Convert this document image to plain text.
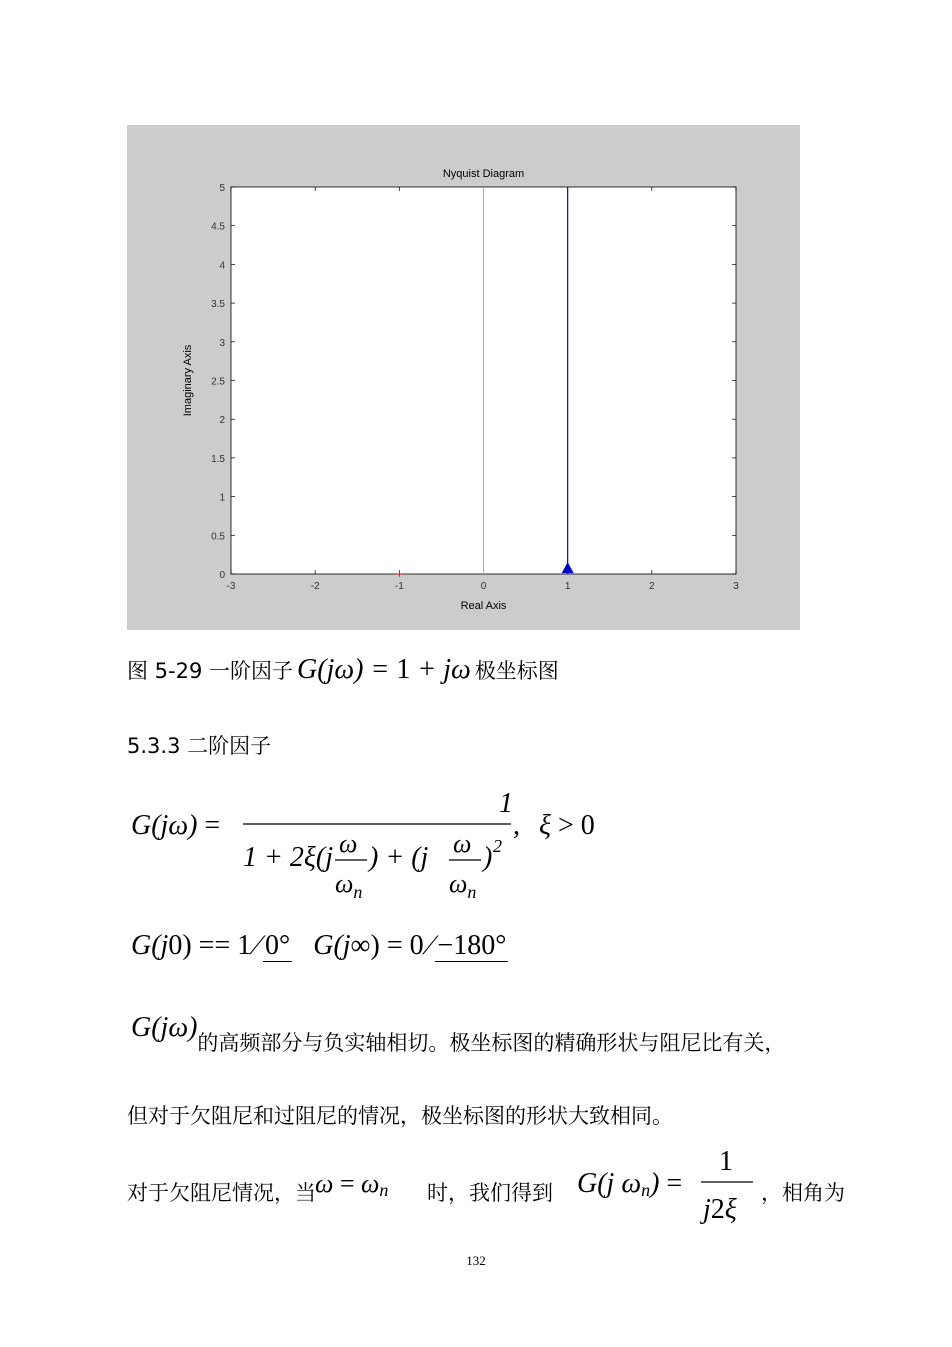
Nyquist Diagram
-3	-2	-1	0	1	2	3
0
0.5
1
1.5
2
2.5
3
3.5
4
4.5
5
Real Axis
Imaginary Axis
+
图 5-29 一阶因子 G(jω) = 1 + jω 极坐标图
5.3.3 二阶因子
G(jω) =
1
, ξ > 0
1 + 2ξ(j ω
$\omega_n$
) + (j ω
$\omega_n$
) 2
G(j0) == 1/0°   G(j∞) = 0/−180°
G(jω)的高频部分与负实轴相切。极坐标图的精确形状与阻尼比有关，
但对于欠阻尼和过阻尼的情况，极坐标图的形状大致相同。
对于欠阻尼情况，当 ω = ωn 时，我们得到 G(j ωn) =
1
j2ξ
，相角为
132
